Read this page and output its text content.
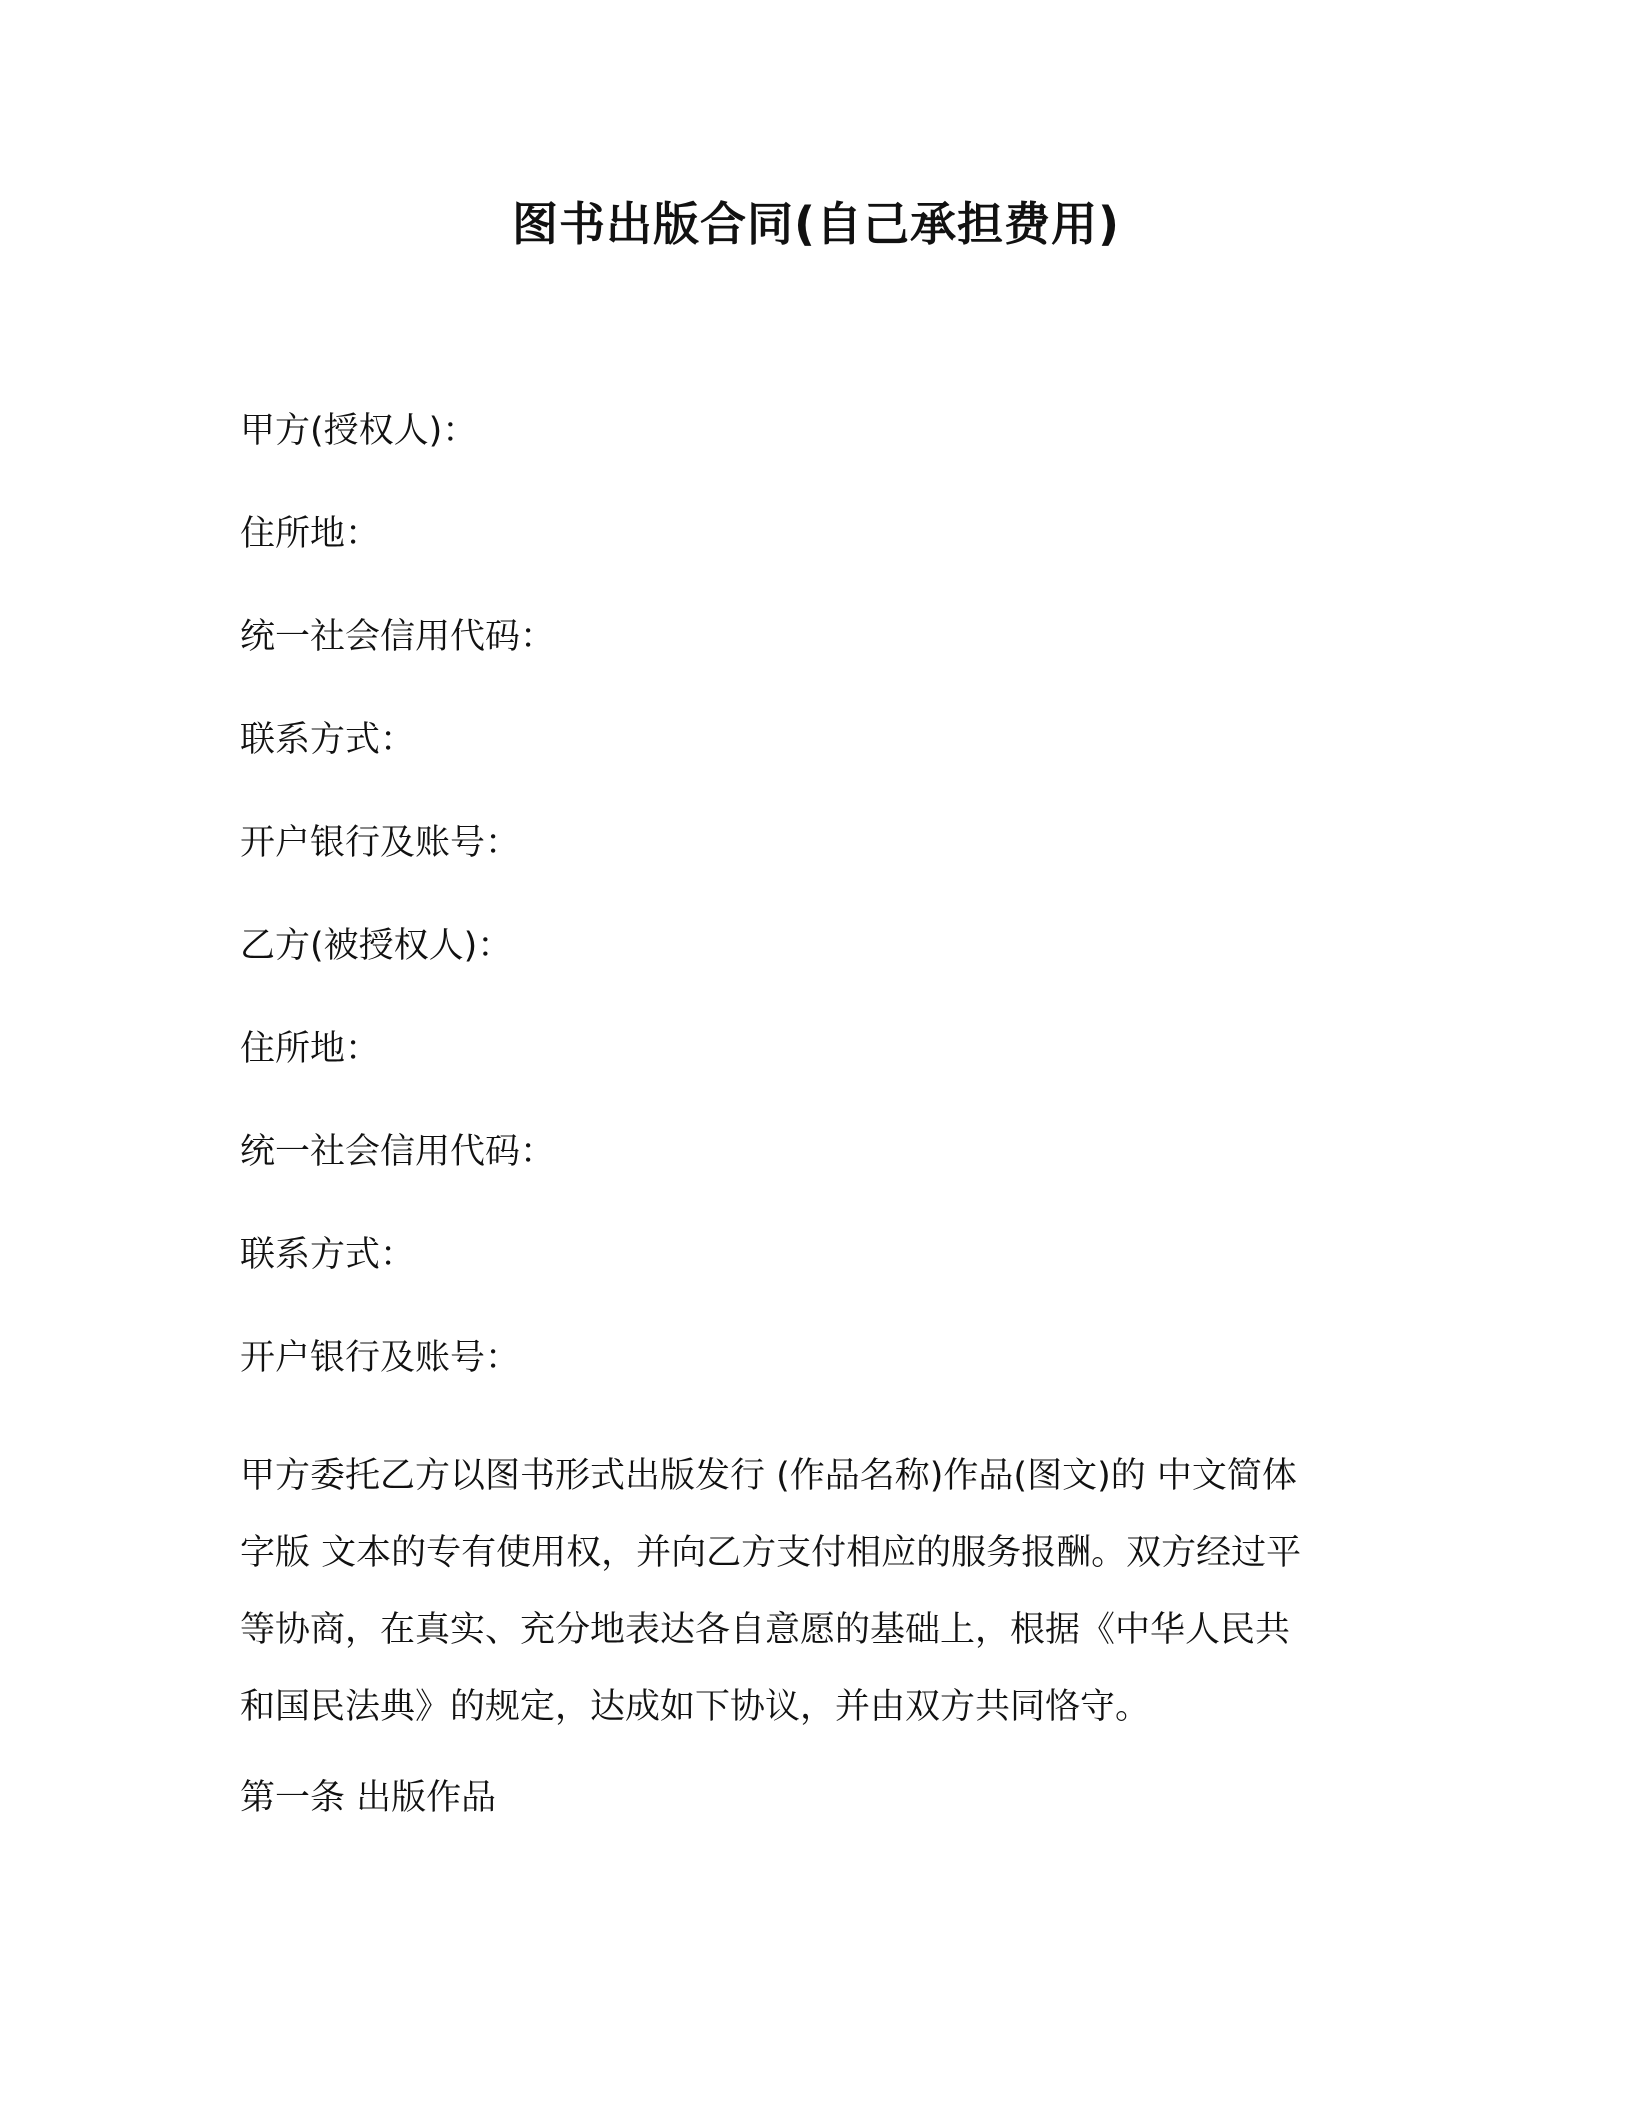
图书出版合同(自己承担费用)
甲方(授权人)：
住所地：
统一社会信用代码：
联系方式：
开户银行及账号：
乙方(被授权人)：
住所地：
统一社会信用代码：
联系方式：
开户银行及账号：
甲方委托乙方以图书形式出版发行 (作品名称)作品(图文)的 中文简体
字版 文本的专有使用权，并向乙方支付相应的服务报酬。双方经过平
等协商，在真实、充分地表达各自意愿的基础上，根据《中华人民共
和国民法典》的规定，达成如下协议，并由双方共同恪守。
第一条 出版作品
